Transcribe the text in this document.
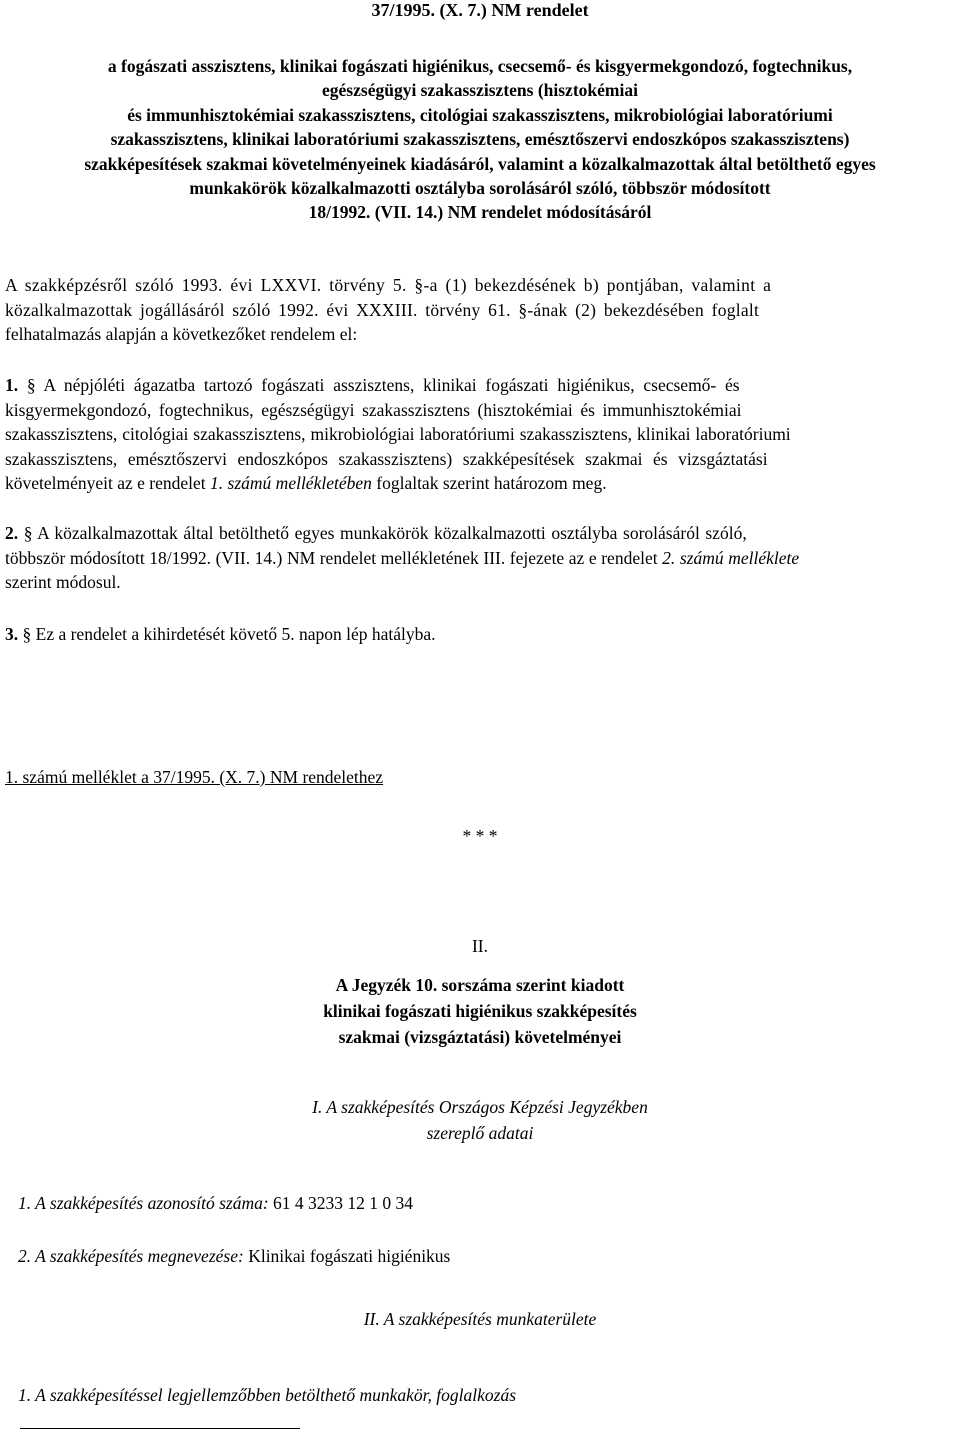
37/1995. (X. 7.) NM rendelet
a fogászati asszisztens, klinikai fogászati higiénikus, csecsemő- és kisgyermekgondozó, fogtechnikus,
egészségügyi szakasszisztens (hisztokémiai
és immunhisztokémiai szakasszisztens, citológiai szakasszisztens, mikrobiológiai laboratóriumi
szakasszisztens, klinikai laboratóriumi szakasszisztens, emésztőszervi endoszkópos szakasszisztens)
szakképesítések szakmai követelményeinek kiadásáról, valamint a közalkalmazottak által betölthető egyes
munkakörök közalkalmazotti osztályba sorolásáról szóló, többször módosított
18/1992. (VII. 14.) NM rendelet módosításáról
A szakképzésről szóló 1993. évi LXXVI. törvény 5. §-a (1) bekezdésének b) pontjában, valamint a
közalkalmazottak jogállásáról szóló 1992. évi XXXIII. törvény 61. §-ának (2) bekezdésében foglalt
felhatalmazás alapján a következőket rendelem el:
1. § A népjóléti ágazatba tartozó fogászati asszisztens, klinikai fogászati higiénikus, csecsemő- és
kisgyermekgondozó, fogtechnikus, egészségügyi szakasszisztens (hisztokémiai és immunhisztokémiai
szakasszisztens, citológiai szakasszisztens, mikrobiológiai laboratóriumi szakasszisztens, klinikai laboratóriumi
szakasszisztens, emésztőszervi endoszkópos szakasszisztens) szakképesítések szakmai és vizsgáztatási
követelményeit az e rendelet 1. számú mellékletében foglaltak szerint határozom meg.
2. § A közalkalmazottak által betölthető egyes munkakörök közalkalmazotti osztályba sorolásáról szóló,
többször módosított 18/1992. (VII. 14.) NM rendelet mellékletének III. fejezete az e rendelet 2. számú melléklete
szerint módosul.
3. § Ez a rendelet a kihirdetését követő 5. napon lép hatályba.
1. számú melléklet a 37/1995. (X. 7.) NM rendelethez
* * *
II.
A Jegyzék 10. sorszáma szerint kiadott
klinikai fogászati higiénikus szakképesítés
szakmai (vizsgáztatási) követelményei
I. A szakképesítés Országos Képzési Jegyzékben
szereplő adatai
1. A szakképesítés azonosító száma: 61 4 3233 12 1 0 34
2. A szakképesítés megnevezése: Klinikai fogászati higiénikus
II. A szakképesítés munkaterülete
1. A szakképesítéssel legjellemzőbben betölthető munkakör, foglalkozás
